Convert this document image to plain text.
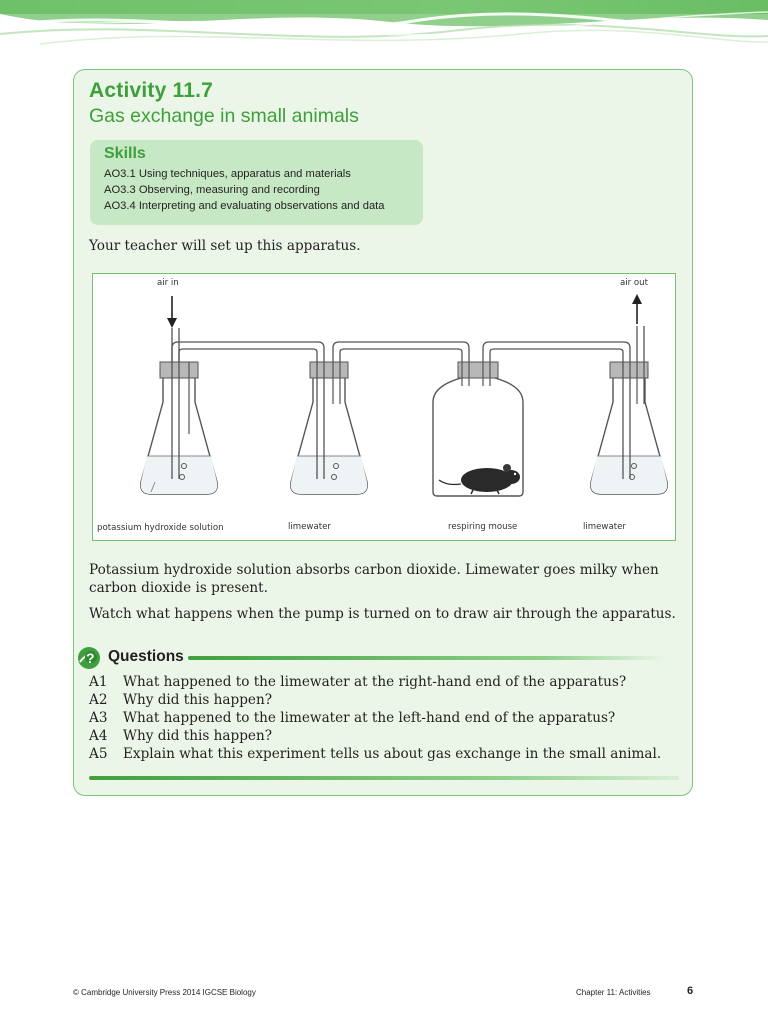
Activity 11.7
Gas exchange in small animals
Skills
AO3.1 Using techniques, apparatus and materials
AO3.3 Observing, measuring and recording
AO3.4 Interpreting and evaluating observations and data
Your teacher will set up this apparatus.
air in	air out
potassium hydroxide solution	limewater	respiring mouse	limewater
Potassium hydroxide solution absorbs carbon dioxide. Limewater goes milky when carbon dioxide is present.
Watch what happens when the pump is turned on to draw air through the apparatus.
? Questions
A1 What happened to the limewater at the right-hand end of the apparatus?
A2 Why did this happen?
A3 What happened to the limewater at the left-hand end of the apparatus?
A4 Why did this happen?
A5 Explain what this experiment tells us about gas exchange in the small animal.
© Cambridge University Press 2014 IGCSE Biology	Chapter 11: Activities	6
